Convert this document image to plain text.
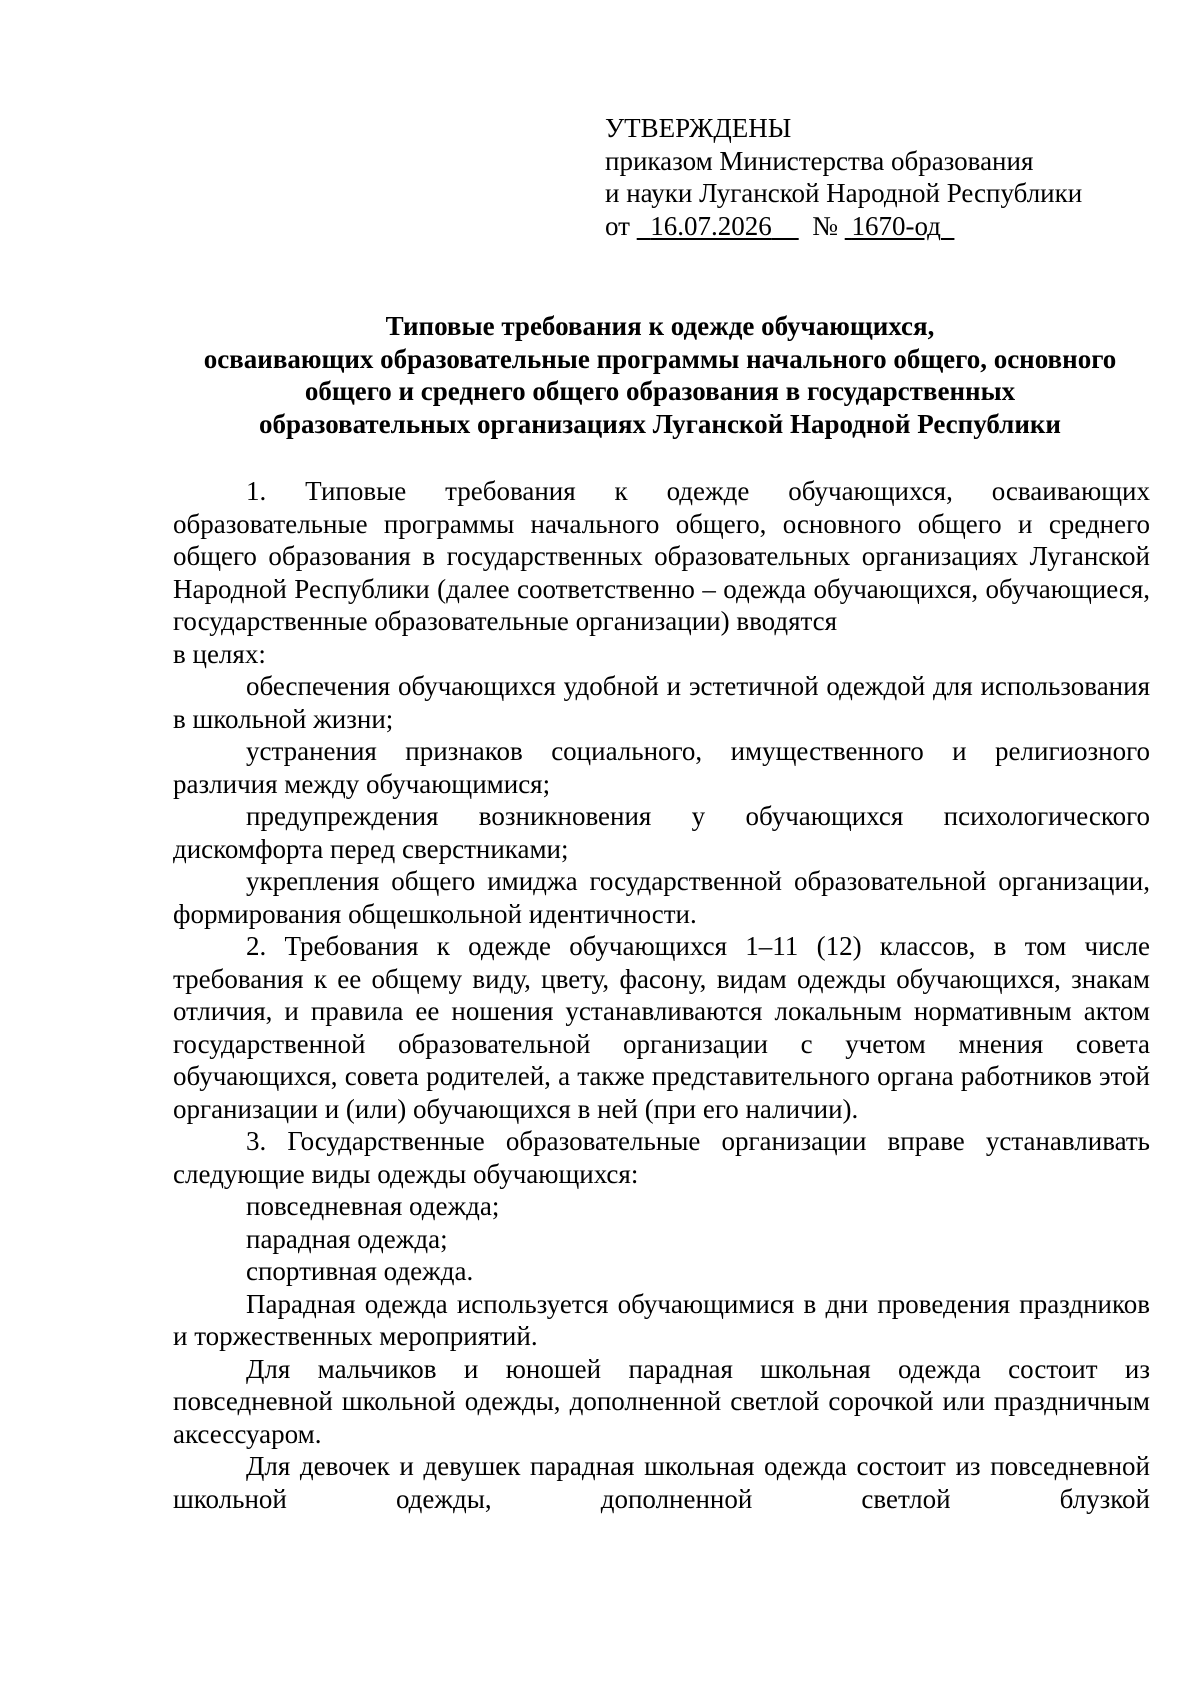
УТВЕРЖДЕНЫ
приказом Министерства образования
и науки Луганской Народной Республики
от 16.07.2026 № 1670-од
Типовые требования к одежде обучающихся,
осваивающих образовательные программы начального общего, основного
общего и среднего общего образования в государственных
образовательных организациях Луганской Народной Республики

1. Типовые требования к одежде обучающихся, осваивающих образовательные программы начального общего, основного общего и среднего общего образования в государственных образовательных организациях Луганской Народной Республики (далее соответственно – одежда обучающихся, обучающиеся, государственные образовательные организации) вводятся

в целях:

обеспечения обучающихся удобной и эстетичной одеждой для использования в школьной жизни;

устранения признаков социального, имущественного и религиозного различия между обучающимися;

предупреждения возникновения у обучающихся психологического дискомфорта перед сверстниками;

укрепления общего имиджа государственной образовательной организации, формирования общешкольной идентичности.

2. Требования к одежде обучающихся 1–11 (12) классов, в том числе требования к ее общему виду, цвету, фасону, видам одежды обучающихся, знакам отличия, и правила ее ношения устанавливаются локальным нормативным актом государственной образовательной организации с учетом мнения совета обучающихся, совета родителей, а также представительного органа работников этой организации и (или) обучающихся в ней (при его наличии).

3. Государственные образовательные организации вправе устанавливать следующие виды одежды обучающихся:

повседневная одежда;

парадная одежда;

спортивная одежда.

Парадная одежда используется обучающимися в дни проведения праздников и торжественных мероприятий.

Для мальчиков и юношей парадная школьная одежда состоит из повседневной школьной одежды, дополненной светлой сорочкой или праздничным аксессуаром.

Для девочек и девушек парадная школьная одежда состоит из повседневной школьной одежды, дополненной светлой блузкой
